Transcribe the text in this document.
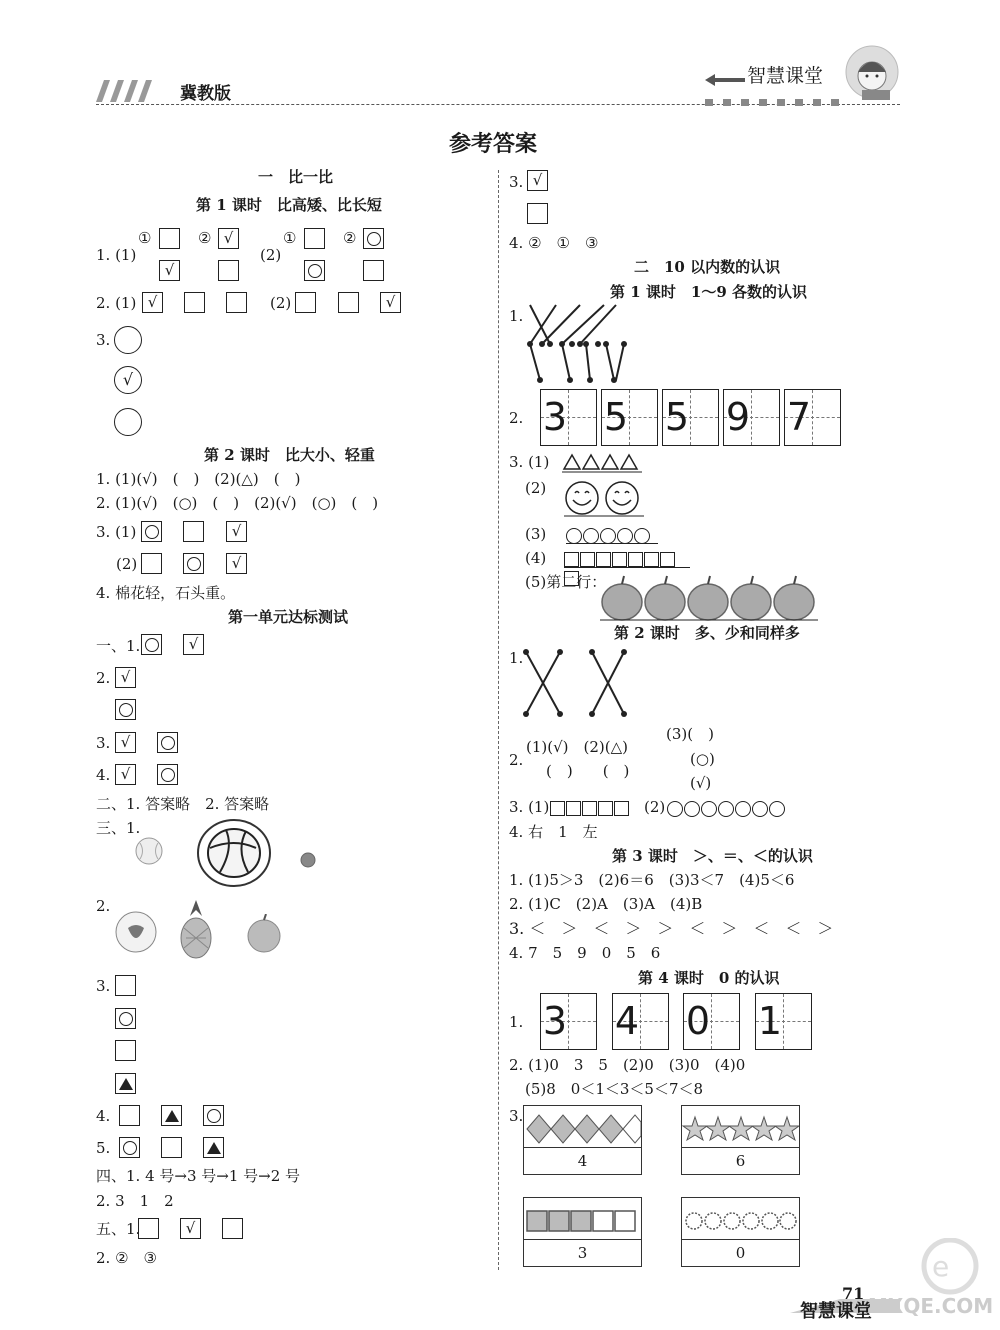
冀教版
智慧课堂
参考答案
一　比一比
第 1 课时　比高矮、比长短
1. (1)
①	② √
(2)
①	②
√
2. (1) √	(2)	√
3.
√
第 2 课时　比大小、轻重
1. (1)(√)　(　)　(2)(△)　(　)
2. (1)(√)　(○)　(　)　(2)(√)　(○)　(　)
3. (1)	√
(2)	√
4. 棉花轻，石头重。
第一单元达标测试
一、1.	√
2. √
3. √
4. √
二、1. 答案略　2. 答案略
三、1.
2.
3.
4.
5.
四、1. 4 号→3 号→1 号→2 号
2. 3　1　2
五、1.	√
2. ②　③
3. √
4. ②　①　③
二　10 以内数的认识
第 1 课时　1～9 各数的认识
1.
2. 3 5 5 9 7
3. (1)
(2)
(3)
(4)
(5)第二行：
第 2 课时　多、少和同样多
1.
2.
(1)(√)　(2)(△)
(　)　　(　)
(3)(　)
(○)
(√)
3. (1)	(2)
4. 右　1　左
第 3 课时　＞、＝、＜的认识
1. (1)5＞3　(2)6＝6　(3)3＜7　(4)5＜6
2. (1)C　(2)A　(3)A　(4)B
3. ＜　＞　＜　＞　＞　＜　＞　＜　＜　＞
4. 7　5　9　0　5　6
第 4 课时　0 的认识
1. 3 4 0 1
2. (1)0　3　5　(2)0　(3)0　(4)0
(5)8　0＜1＜3＜5＜7＜8
3.
4	6
3	0
71
智慧课堂
e
MXQE.COM
